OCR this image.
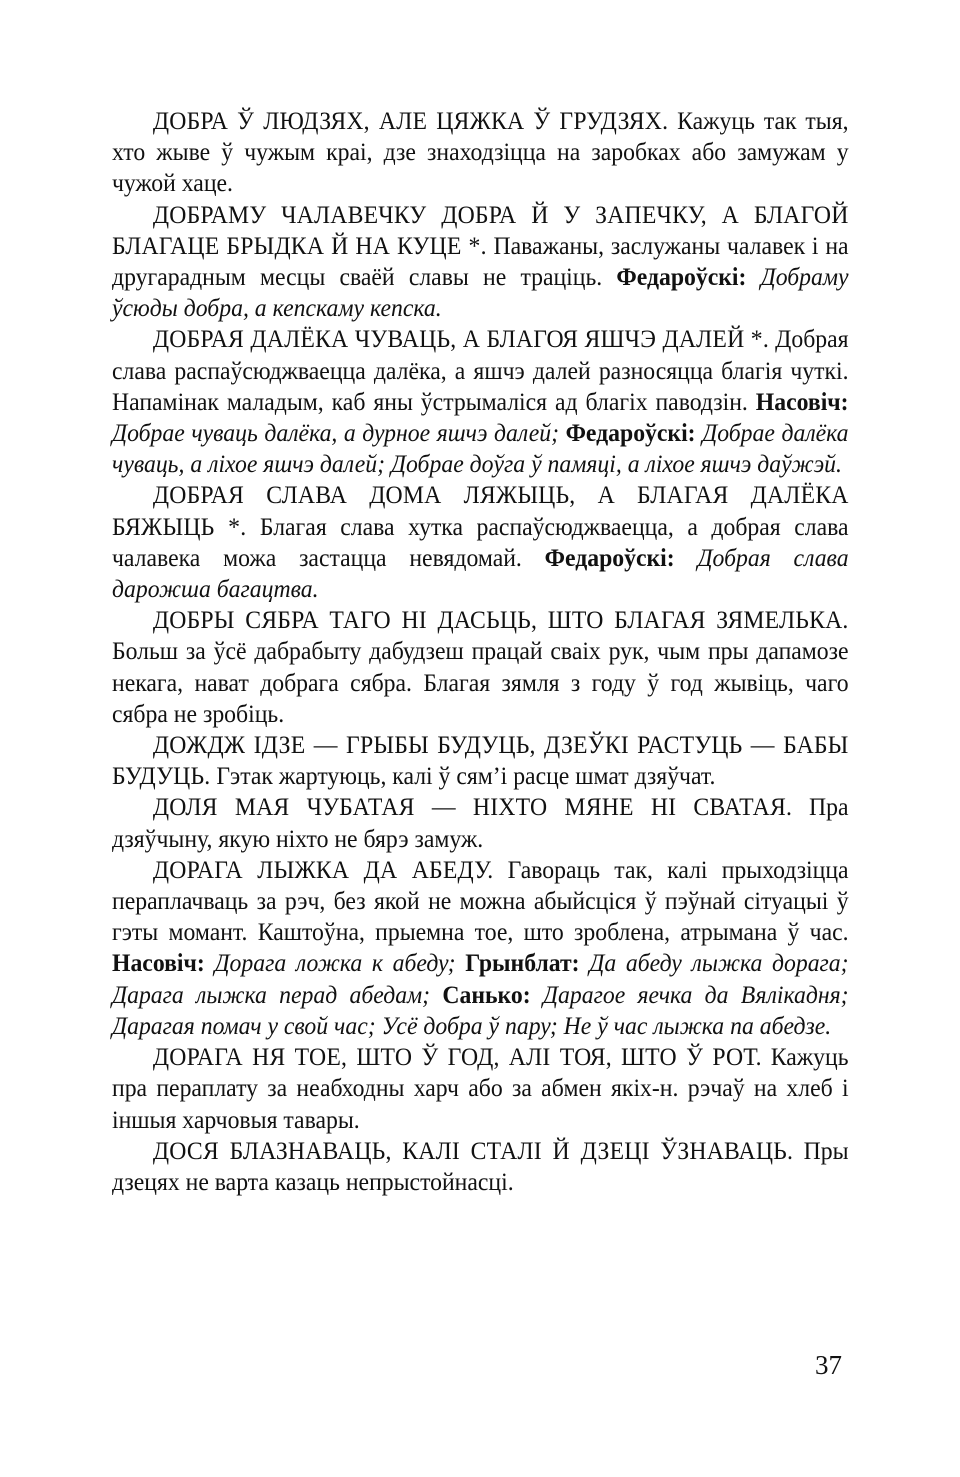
ДОБРА Ў ЛЮДЗЯХ, АЛЕ ЦЯЖКА Ў ГРУДЗЯХ. Кажуць так тыя, хто жыве ў чужым краі, дзе знаходзіцца на заробках або замужам у чужой хаце.

ДОБРАМУ ЧАЛАВЕЧКУ ДОБРА Й У ЗАПЕЧКУ, А БЛАГОЙ БЛАГАЦЕ БРЫДКА Й НА КУЦЕ *. Паважаны, заслужаны чалавек і на другарадным месцы сваёй славы не траціць. Федароўскі: Добраму ўсюды добра, а кепскаму кепска.

ДОБРАЯ ДАЛЁКА ЧУВАЦЬ, А БЛАГОЯ ЯШЧЭ ДАЛЕЙ *. Добрая слава распаўсюджваецца далёка, а яшчэ далей разносяцца благія чуткі. Напамінак маладым, каб яны ўстрымаліся ад благіх паводзін. Насовіч: Добрае чуваць далёка, а дурное яшчэ далей; Федароўскі: Добрае далёка чуваць, а ліхое яшчэ далей; Добрае доўга ў памяці, а ліхое яшчэ даўжэй.

ДОБРАЯ СЛАВА ДОМА ЛЯЖЫЦЬ, А БЛАГАЯ ДАЛЁКА БЯЖЫЦЬ *. Благая слава хутка распаўсюджваецца, а добрая слава чалавека можа застацца невядомай. Федароўскі: Добрая слава дарожша багацтва.

ДОБРЫ СЯБРА ТАГО НІ ДАСЬЦЬ, ШТО БЛАГАЯ ЗЯМЕЛЬКА. Больш за ўсё дабрабыту дабудзеш працай сваіх рук, чым пры дапамозе некага, нават добрага сябра. Благая зямля з году ў год жывіць, чаго сябра не зробіць.

ДОЖДЖ ІДЗЕ — ГРЫБЫ БУДУЦЬ, ДЗЕЎКІ РАСТУЦЬ — БАБЫ БУДУЦЬ. Гэтак жартуюць, калі ў сям’і расце шмат дзяўчат.

ДОЛЯ МАЯ ЧУБАТАЯ — НІХТО МЯНЕ НІ СВАТАЯ. Пра дзяўчыну, якую ніхто не бярэ замуж.

ДОРАГА ЛЫЖКА ДА АБЕДУ. Гавораць так, калі прыходзіцца пераплачваць за рэч, без якой не можна абыйсціся ў пэўнай сітуацыі ў гэты момант. Каштоўна, прыемна тое, што зроблена, атрымана ў час. Насовіч: Дорага ложка к абеду; Грынблат: Да абеду лыжка дорага; Дарага лыжка перад абедам; Санько: Дарагое яечка да Вялікадня; Дарагая помач у свой час; Усё добра ў пару; Не ў час лыжка па абедзе.

ДОРАГА НЯ ТОЕ, ШТО Ў ГОД, АЛІ ТОЯ, ШТО Ў РОТ. Кажуць пра пераплату за неабходны харч або за абмен якіх-н. рэчаў на хлеб і іншыя харчовыя тавары.

ДОСЯ БЛАЗНАВАЦЬ, КАЛІ СТАЛІ Й ДЗЕЦІ ЎЗНАВАЦЬ. Пры дзецях не варта казаць непрыстойнасці.

37
